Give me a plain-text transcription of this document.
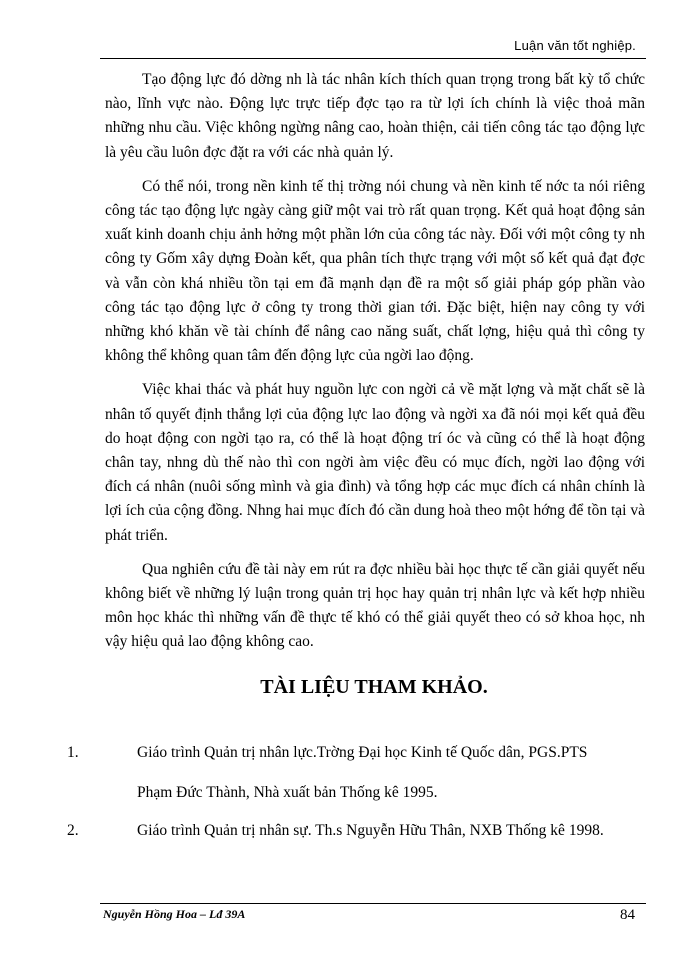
Luận văn tốt nghiệp.

Tạo động lực đó dờng nh là tác nhân kích thích quan trọng trong bất kỳ tổ chức nào, lĩnh vực nào. Động lực trực tiếp đợc tạo ra từ lợi ích chính là việc thoả mãn những nhu cầu. Việc không ngừng nâng cao, hoàn thiện, cải tiến công tác tạo động lực là yêu cầu luôn đợc đặt ra với các nhà quản lý.

Có thể nói, trong nền kinh tế thị trờng nói chung và nền kinh tế nớc ta nói riêng công tác tạo động lực ngày càng giữ một vai trò rất quan trọng. Kết quả hoạt động sản xuất kinh doanh chịu ảnh hởng một phần lớn của công tác này. Đối với một công ty nh công ty Gốm xây dựng Đoàn kết, qua phân tích thực trạng với một số kết quả đạt đợc và vẫn còn khá nhiều tồn tại em đã mạnh dạn đề ra một số giải pháp góp phần vào công tác tạo động lực ở công ty trong thời gian tới. Đặc biệt, hiện nay công ty với những khó khăn về tài chính để nâng cao năng suất, chất lợng, hiệu quả thì công ty không thể không quan tâm đến động lực của ngời lao động.

Việc khai thác và phát huy nguồn lực con ngời cả về mặt lợng và mặt chất sẽ là nhân tố quyết định thắng lợi của động lực lao động và ngời xa đã nói mọi kết quả đều do hoạt động con ngời tạo ra, có thể là hoạt động trí óc và cũng có thể là hoạt động chân tay, nhng dù thế nào thì con ngời àm việc đều có mục đích, ngời lao động với đích cá nhân (nuôi sống mình và gia đình) và tổng hợp các mục đích cá nhân chính là lợi ích của cộng đồng. Nhng hai mục đích đó cần dung hoà theo một hớng để tồn tại và phát triển.

Qua nghiên cứu đề tài này em rút ra đợc nhiều bài học thực tế cần giải quyết nếu không biết về những lý luận trong quản trị học hay quản trị nhân lực và kết hợp nhiều môn học khác thì những vấn đề thực tế khó có thể giải quyết theo có sở khoa học, nh vậy hiệu quả lao động không cao.

TÀI LIỆU THAM KHẢO.
1.	Giáo trình Quản trị nhân lực.Trờng Đại học Kinh tế Quốc dân, PGS.PTS
Phạm Đức Thành, Nhà xuất bản Thống kê 1995.
2.	Giáo trình Quản trị nhân sự. Th.s Nguyễn Hữu Thân, NXB Thống kê 1998.
Nguyễn Hồng Hoa – Lđ 39A	84
